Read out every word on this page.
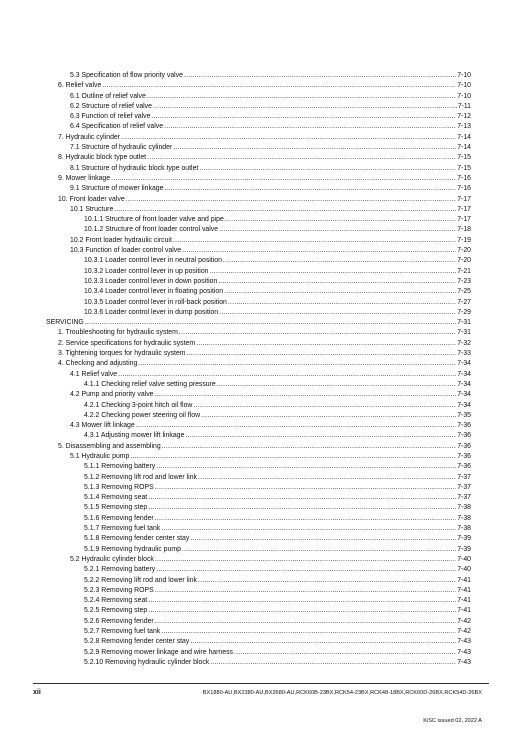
5.3 Specification of flow priority valve .....	7-10
6. Relief valve .....	7-10
6.1 Outline of relief valve .....	7-10
6.2 Structure of relief valve .....	7-11
6.3 Function of relief valve .....	7-12
6.4 Specification of relief valve .....	7-13
7. Hydraulic cylinder .....	7-14
7.1 Structure of hydraulic cylinder .....	7-14
8. Hydraulic block type outlet .....	7-15
8.1 Structure of hydraulic block type outlet .....	7-15
9. Mower linkage .....	7-16
9.1 Structure of mower linkage .....	7-16
10. Front loader valve .....	7-17
10.1 Structure .....	7-17
10.1.1 Structure of front loader valve and pipe .....	7-17
10.1.2 Structure of front loader control valve .....	7-18
10.2 Front loader hydraulic circuit .....	7-19
10.3 Function of loader control valve .....	7-20
10.3.1 Loader control lever in neutral position .....	7-20
10.3.2 Loader control lever in up position .....	7-21
10.3.3 Loader control lever in down position .....	7-23
10.3.4 Loader control lever in floating position .....	7-25
10.3.5 Loader control lever in roll-back position .....	7-27
10.3.6 Loader control lever in dump position .....	7-29
SERVICING .....	7-31
1. Troubleshooting for hydraulic system .....	7-31
2. Service specifications for hydraulic system .....	7-32
3. Tightening torques for hydraulic system .....	7-33
4. Checking and adjusting .....	7-34
4.1 Relief valve .....	7-34
4.1.1 Checking relief valve setting pressure .....	7-34
4.2 Pump and priority valve .....	7-34
4.2.1 Checking 3-point hitch oil flow .....	7-34
4.2.2 Checking power steering oil flow .....	7-35
4.3 Mower lift linkage .....	7-36
4.3.1 Adjusting mower lift linkage .....	7-36
5. Disassembling and assembling .....	7-36
5.1 Hydraulic pump .....	7-36
5.1.1 Removing battery .....	7-36
5.1.2 Removing lift rod and lower link .....	7-37
5.1.3 Removing ROPS .....	7-37
5.1.4 Removing seat .....	7-37
5.1.5 Removing step .....	7-38
5.1.6 Removing fender .....	7-38
5.1.7 Removing fuel tank .....	7-38
5.1.8 Removing fender center stay .....	7-39
5.1.9 Removing hydraulic pump .....	7-39
5.2 Hydraulic cylinder block .....	7-40
5.2.1 Removing battery .....	7-40
5.2.2 Removing lift rod and lower link .....	7-41
5.2.3 Removing ROPS .....	7-41
5.2.4 Removing seat .....	7-41
5.2.5 Removing step .....	7-41
5.2.6 Removing fender .....	7-42
5.2.7 Removing fuel tank .....	7-42
5.2.8 Removing fender center stay .....	7-43
5.2.9 Removing mower linkage and wire harness .....	7-43
5.2.10 Removing hydraulic cylinder block .....	7-43
xii	BX1880-AU,BX2380-AU,BX2680-AU,RCK60B-23BX,RCK54-23BX,RCK48-18BX,RCK60D-26BX,RCK54D-26BX
KiSC issued 02, 2022 A
